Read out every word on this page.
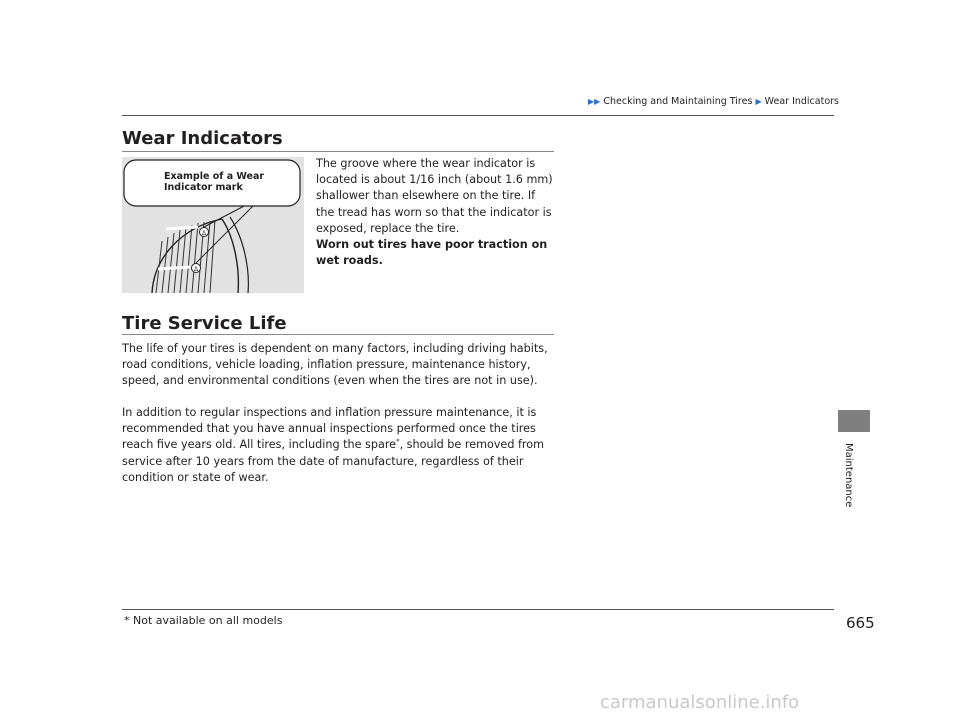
▶▶ Checking and Maintaining Tires ▶ Wear Indicators
Wear Indicators
Δ
Δ
Example of a Wear
Indicator mark
The groove where the wear indicator is located is about 1/16 inch (about 1.6 mm) shallower than elsewhere on the tire. If the tread has worn so that the indicator is exposed, replace the tire.
Worn out tires have poor traction on wet roads.
Tire Service Life
The life of your tires is dependent on many factors, including driving habits, road conditions, vehicle loading, inflation pressure, maintenance history, speed, and environmental conditions (even when the tires are not in use).
In addition to regular inspections and inflation pressure maintenance, it is recommended that you have annual inspections performed once the tires reach five years old. All tires, including the spare*, should be removed from service after 10 years from the date of manufacture, regardless of their condition or state of wear.	Maintenance
665
* Not available on all models
carmanualsonline.info
